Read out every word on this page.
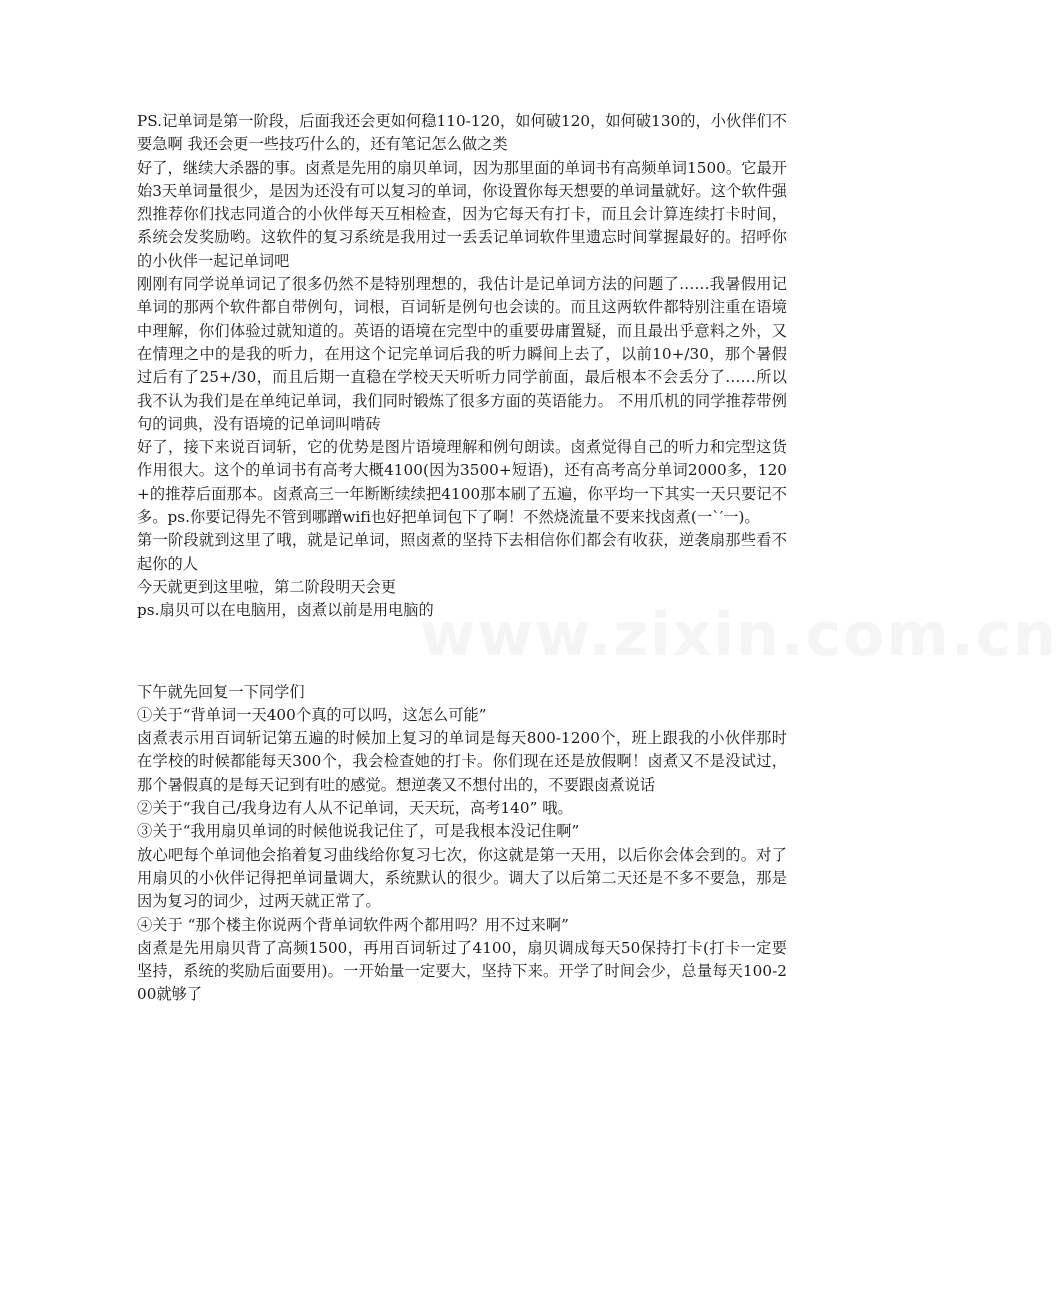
PS.记单词是第一阶段，后面我还会更如何稳110-120，如何破120，如何破130的，小伙伴们不要急啊 我还会更一些技巧什么的，还有笔记怎么做之类

好了，继续大杀器的事。卤煮是先用的扇贝单词，因为那里面的单词书有高频单词1500。它最开始3天单词量很少，是因为还没有可以复习的单词，你设置你每天想要的单词量就好。这个软件强烈推荐你们找志同道合的小伙伴每天互相检查，因为它每天有打卡，而且会计算连续打卡时间，系统会发奖励哟。这软件的复习系统是我用过一丢丢记单词软件里遗忘时间掌握最好的。招呼你的小伙伴一起记单词吧

刚刚有同学说单词记了很多仍然不是特别理想的，我估计是记单词方法的问题了……我暑假用记单词的那两个软件都自带例句，词根，百词斩是例句也会读的。而且这两软件都特别注重在语境中理解，你们体验过就知道的。英语的语境在完型中的重要毋庸置疑，而且最出乎意料之外，又在情理之中的是我的听力，在用这个记完单词后我的听力瞬间上去了，以前10+/30，那个暑假过后有了25+/30，而且后期一直稳在学校天天听听力同学前面，最后根本不会丢分了……所以我不认为我们是在单纯记单词，我们同时锻炼了很多方面的英语能力。 不用爪机的同学推荐带例句的词典，没有语境的记单词叫啃砖

好了，接下来说百词斩，它的优势是图片语境理解和例句朗读。卤煮觉得自己的听力和完型这货作用很大。这个的单词书有高考大概4100(因为3500+短语)，还有高考高分单词2000多，120+的推荐后面那本。卤煮高三一年断断续续把4100那本刷了五遍，你平均一下其实一天只要记不多。ps.你要记得先不管到哪蹭wifi也好把单词包下了啊！不然烧流量不要来找卤煮(一`′一)。

第一阶段就到这里了哦，就是记单词，照卤煮的坚持下去相信你们都会有收获，逆袭扇那些看不起你的人

今天就更到这里啦，第二阶段明天会更

ps.扇贝可以在电脑用，卤煮以前是用电脑的

下午就先回复一下同学们

①关于“背单词一天400个真的可以吗，这怎么可能”

卤煮表示用百词斩记第五遍的时候加上复习的单词是每天800-1200个，班上跟我的小伙伴那时在学校的时候都能每天300个，我会检查她的打卡。你们现在还是放假啊！卤煮又不是没试过，那个暑假真的是每天记到有吐的感觉。想逆袭又不想付出的，不要跟卤煮说话

②关于“我自己/我身边有人从不记单词，天天玩，高考140” 哦。

③关于“我用扇贝单词的时候他说我记住了，可是我根本没记住啊”

放心吧每个单词他会掐着复习曲线给你复习七次，你这就是第一天用，以后你会体会到的。对了用扇贝的小伙伴记得把单词量调大，系统默认的很少。调大了以后第二天还是不多不要急，那是因为复习的词少，过两天就正常了。

④关于 “那个楼主你说两个背单词软件两个都用吗？用不过来啊”

卤煮是先用扇贝背了高频1500，再用百词斩过了4100，扇贝调成每天50保持打卡(打卡一定要坚持，系统的奖励后面要用)。一开始量一定要大，坚持下来。开学了时间会少，总量每天100-200就够了

www.zixin.com.cn
